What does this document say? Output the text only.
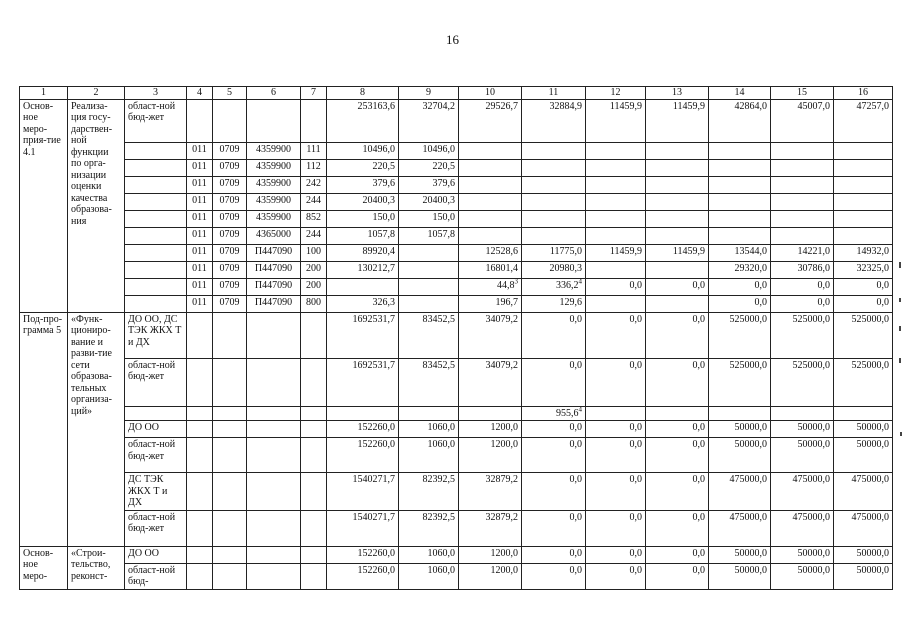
16
1	2	3	4	5	6	7	8	9	10	11	12	13	14	15	16
Основ-ное меро-прия-тие 4.1	Реализа-ция госу-дарствен-ной функции по орга-низации оценки качества образова-ния	област-ной бюд-жет					253163,6	32704,2	29526,7	32884,9	11459,9	11459,9	42864,0	45007,0	47257,0
			011	0709	4359900	111	10496,0	10496,0							
			011	0709	4359900	112	220,5	220,5							
			011	0709	4359900	242	379,6	379,6							
			011	0709	4359900	244	20400,3	20400,3							
			011	0709	4359900	852	150,0	150,0							
			011	0709	4365000	244	1057,8	1057,8							
			011	0709	П447090	100	89920,4		12528,6	11775,0	11459,9	11459,9	13544,0	14221,0	14932,0
			011	0709	П447090	200	130212,7		16801,4	20980,3			29320,0	30786,0	32325,0
			011	0709	П447090	200			44,8$^3$	336,2$^4$	0,0	0,0	0,0	0,0	0,0
			011	0709	П447090	800	326,3		196,7	129,6			0,0	0,0	0,0
Под-про-грамма 5	«Функ-циониро-вание и разви-тие сети образова-тельных организа-ций»	ДО ОО, ДС ТЭК ЖКХ Т и ДХ					1692531,7	83452,5	34079,2	0,0	0,0	0,0	525000,0	525000,0	525000,0
		област-ной бюд-жет					1692531,7	83452,5	34079,2	0,0	0,0	0,0	525000,0	525000,0	525000,0
										955,6$^4$					
		ДО ОО					152260,0	1060,0	1200,0	0,0	0,0	0,0	50000,0	50000,0	50000,0
		област-ной бюд-жет					152260,0	1060,0	1200,0	0,0	0,0	0,0	50000,0	50000,0	50000,0
		ДС ТЭК ЖКХ Т и ДХ					1540271,7	82392,5	32879,2	0,0	0,0	0,0	475000,0	475000,0	475000,0
		област-ной бюд-жет					1540271,7	82392,5	32879,2	0,0	0,0	0,0	475000,0	475000,0	475000,0
Основ-ное меро-	«Строи-тельство, реконст-	ДО ОО					152260,0	1060,0	1200,0	0,0	0,0	0,0	50000,0	50000,0	50000,0
		област-ной бюд-					152260,0	1060,0	1200,0	0,0	0,0	0,0	50000,0	50000,0	50000,0
